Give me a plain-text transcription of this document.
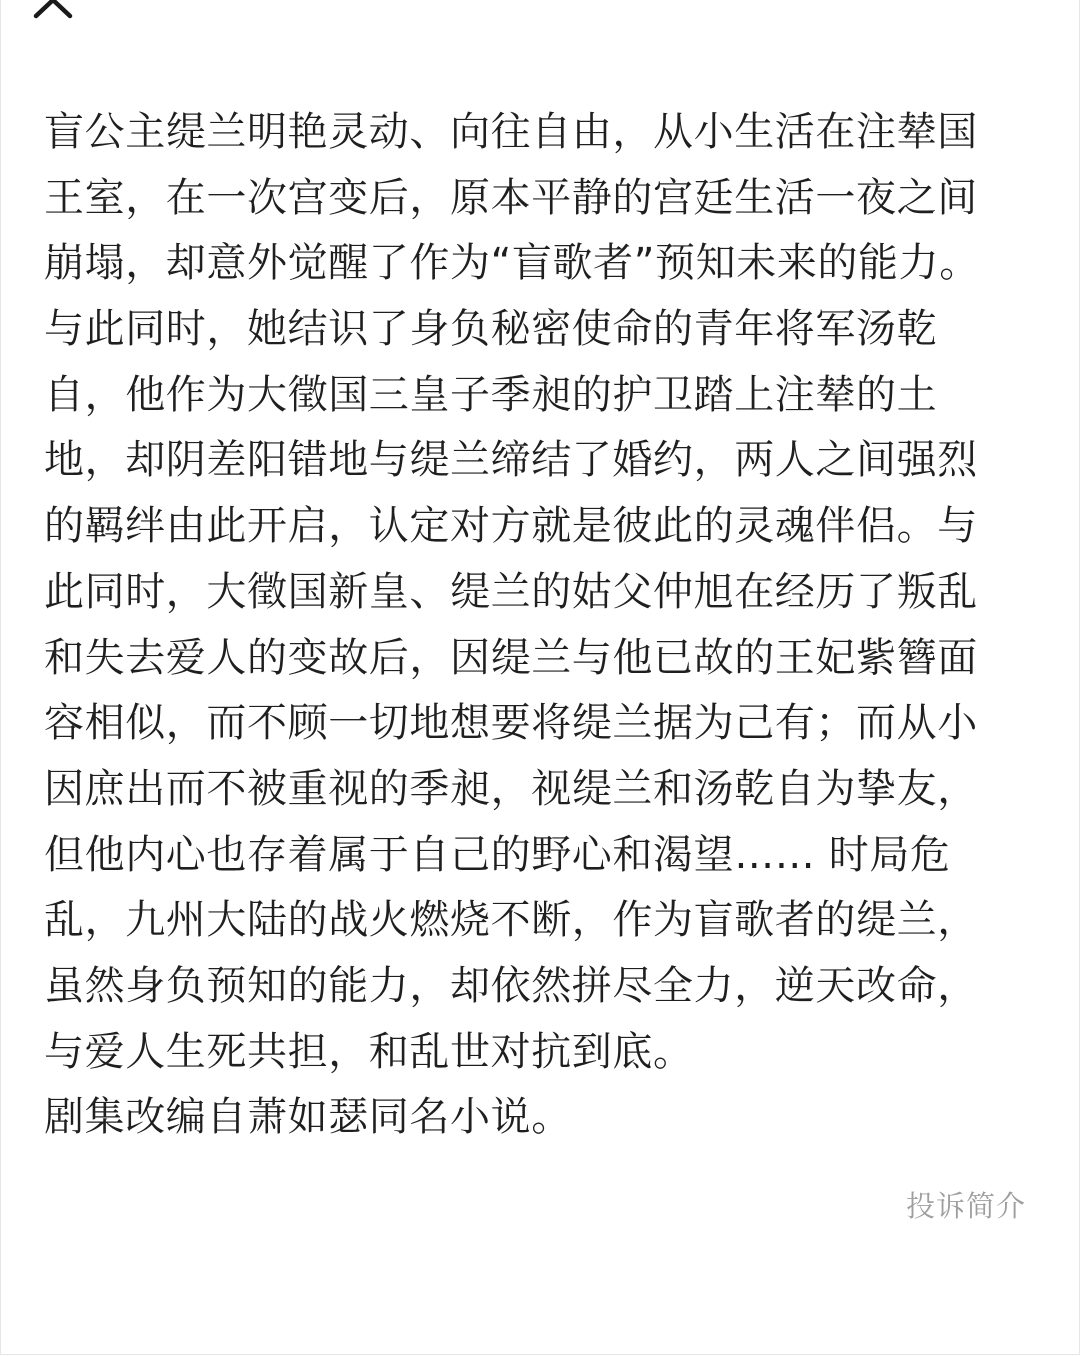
盲公主缇兰明艳灵动、向往自由，从小生活在注辇国
王室，在一次宫变后，原本平静的宫廷生活一夜之间
崩塌，却意外觉醒了作为“盲歌者”预知未来的能力。
与此同时，她结识了身负秘密使命的青年将军汤乾
自，他作为大徵国三皇子季昶的护卫踏上注辇的土
地，却阴差阳错地与缇兰缔结了婚约，两人之间强烈
的羁绊由此开启，认定对方就是彼此的灵魂伴侣。与
此同时，大徵国新皇、缇兰的姑父仲旭在经历了叛乱
和失去爱人的变故后，因缇兰与他已故的王妃紫簪面
容相似，而不顾一切地想要将缇兰据为己有；而从小
因庶出而不被重视的季昶，视缇兰和汤乾自为挚友，
但他内心也存着属于自己的野心和渴望…… 时局危
乱，九州大陆的战火燃烧不断，作为盲歌者的缇兰，
虽然身负预知的能力，却依然拼尽全力，逆天改命，
与爱人生死共担，和乱世对抗到底。
剧集改编自萧如瑟同名小说。
投诉简介
